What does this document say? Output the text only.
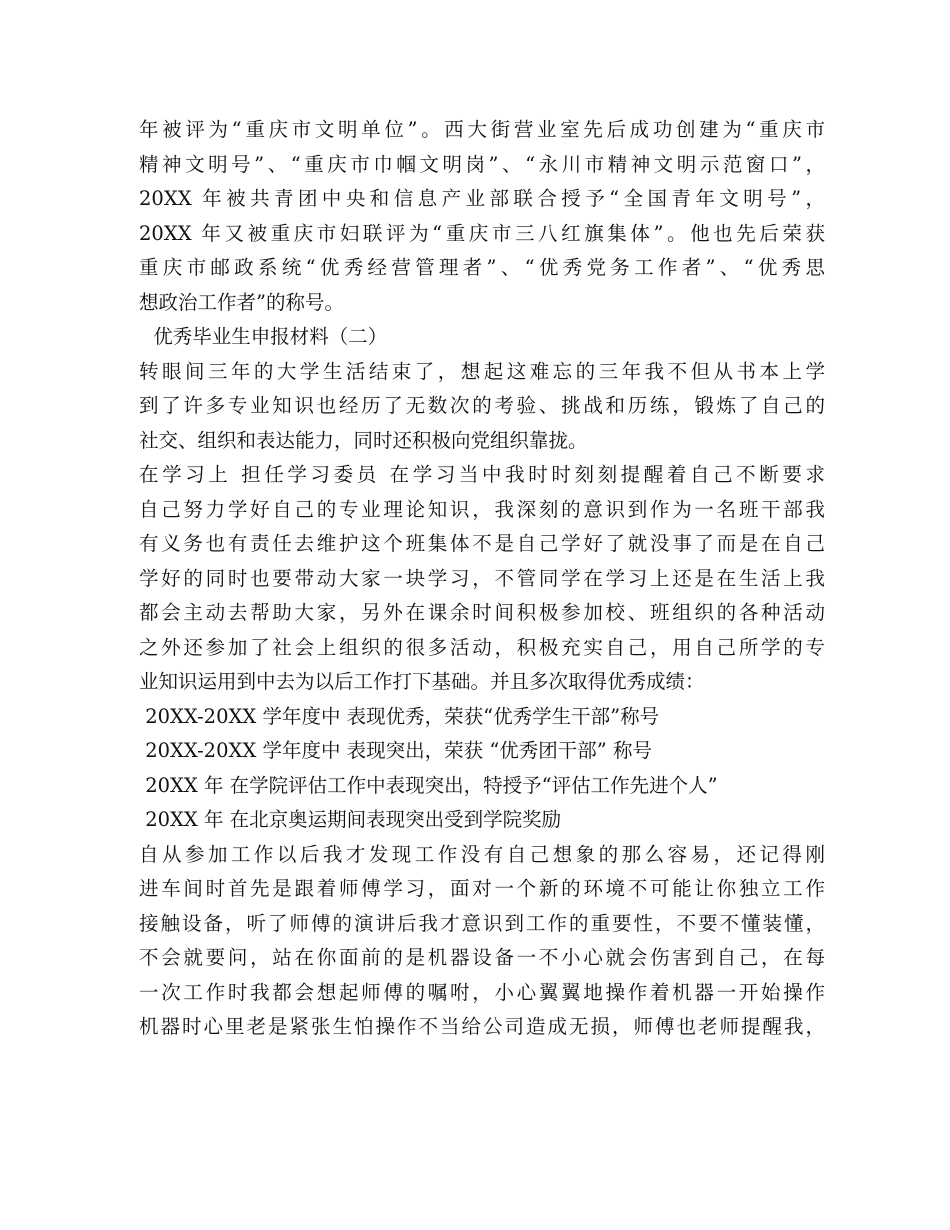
年被评为“重庆市文明单位”。西大街营业室先后成功创建为“重庆市
精神文明号”、“重庆市巾帼文明岗”、“永川市精神文明示范窗口”，
20XX 年被共青团中央和信息产业部联合授予“全国青年文明号”，
20XX 年又被重庆市妇联评为“重庆市三八红旗集体”。他也先后荣获
重庆市邮政系统“优秀经营管理者”、“优秀党务工作者”、“优秀思
想政治工作者”的称号。
优秀毕业生申报材料（二）
转眼间三年的大学生活结束了，想起这难忘的三年我不但从书本上学
到了许多专业知识也经历了无数次的考验、挑战和历练，锻炼了自己的
社交、组织和表达能力，同时还积极向党组织靠拢。
在学习上 担任学习委员 在学习当中我时时刻刻提醒着自己不断要求
自己努力学好自己的专业理论知识，我深刻的意识到作为一名班干部我
有义务也有责任去维护这个班集体不是自己学好了就没事了而是在自己
学好的同时也要带动大家一块学习，不管同学在学习上还是在生活上我
都会主动去帮助大家，另外在课余时间积极参加校、班组织的各种活动
之外还参加了社会上组织的很多活动，积极充实自己，用自己所学的专
业知识运用到中去为以后工作打下基础。并且多次取得优秀成绩：
20XX-20XX 学年度中 表现优秀，荣获“优秀学生干部”称号
20XX-20XX 学年度中 表现突出，荣获 “优秀团干部” 称号
20XX 年 在学院评估工作中表现突出，特授予“评估工作先进个人”
20XX 年 在北京奥运期间表现突出受到学院奖励
自从参加工作以后我才发现工作没有自己想象的那么容易，还记得刚
进车间时首先是跟着师傅学习，面对一个新的环境不可能让你独立工作
接触设备，听了师傅的演讲后我才意识到工作的重要性，不要不懂装懂，
不会就要问，站在你面前的是机器设备一不小心就会伤害到自己，在每
一次工作时我都会想起师傅的嘱咐，小心翼翼地操作着机器一开始操作
机器时心里老是紧张生怕操作不当给公司造成无损，师傅也老师提醒我，
